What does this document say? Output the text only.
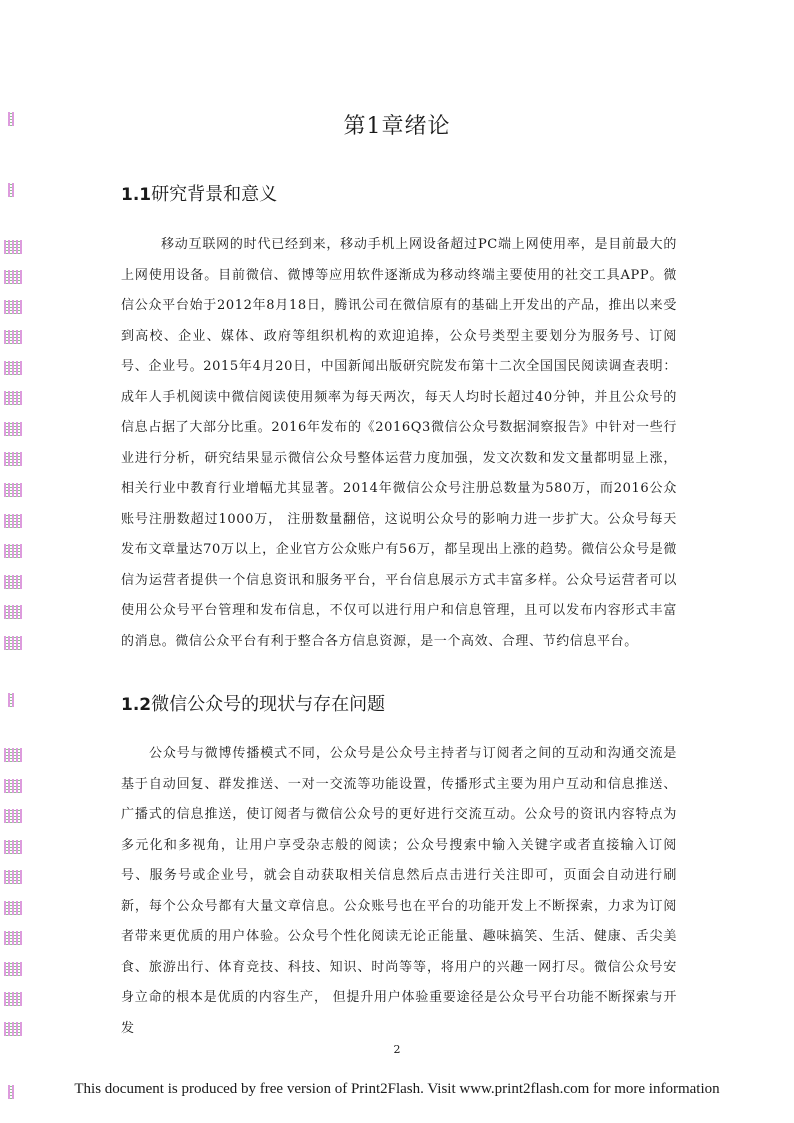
第1章绪论
1.1研究背景和意义

移动互联网的时代已经到来，移动手机上网设备超过PC端上网使用率，是目前最大的上网使用设备。目前微信、微博等应用软件逐渐成为移动终端主要使用的社交工具APP。微信公众平台始于2012年8月18日，腾讯公司在微信原有的基础上开发出的产品，推出以来受到高校、企业、媒体、政府等组织机构的欢迎追捧，公众号类型主要划分为服务号、订阅号、企业号。2015年4月20日，中国新闻出版研究院发布第十二次全国国民阅读调查表明：成年人手机阅读中微信阅读使用频率为每天两次，每天人均时长超过40分钟，并且公众号的信息占据了大部分比重。2016年发布的《2016Q3微信公众号数据洞察报告》中针对一些行业进行分析，研究结果显示微信公众号整体运营力度加强，发文次数和发文量都明显上涨，相关行业中教育行业增幅尤其显著。2014年微信公众号注册总数量为580万，而2016公众账号注册数超过1000万， 注册数量翻倍，这说明公众号的影响力进一步扩大。公众号每天发布文章量达70万以上，企业官方公众账户有56万，都呈现出上涨的趋势。微信公众号是微信为运营者提供一个信息资讯和服务平台，平台信息展示方式丰富多样。公众号运营者可以使用公众号平台管理和发布信息，不仅可以进行用户和信息管理，且可以发布内容形式丰富的消息。微信公众平台有利于整合各方信息资源，是一个高效、合理、节约信息平台。

1.2微信公众号的现状与存在问题

公众号与微博传播模式不同，公众号是公众号主持者与订阅者之间的互动和沟通交流是基于自动回复、群发推送、一对一交流等功能设置，传播形式主要为用户互动和信息推送、广播式的信息推送，使订阅者与微信公众号的更好进行交流互动。公众号的资讯内容特点为多元化和多视角，让用户享受杂志般的阅读；公众号搜索中输入关键字或者直接输入订阅号、服务号或企业号，就会自动获取相关信息然后点击进行关注即可，页面会自动进行刷新，每个公众号都有大量文章信息。公众账号也在平台的功能开发上不断探索，力求为订阅者带来更优质的用户体验。公众号个性化阅读无论正能量、趣味搞笑、生活、健康、舌尖美食、旅游出行、体育竞技、科技、知识、时尚等等，将用户的兴趣一网打尽。微信公众号安身立命的根本是优质的内容生产， 但提升用户体验重要途径是公众号平台功能不断探索与开发

2
This document is produced by free version of Print2Flash. Visit www.print2flash.com for more information
